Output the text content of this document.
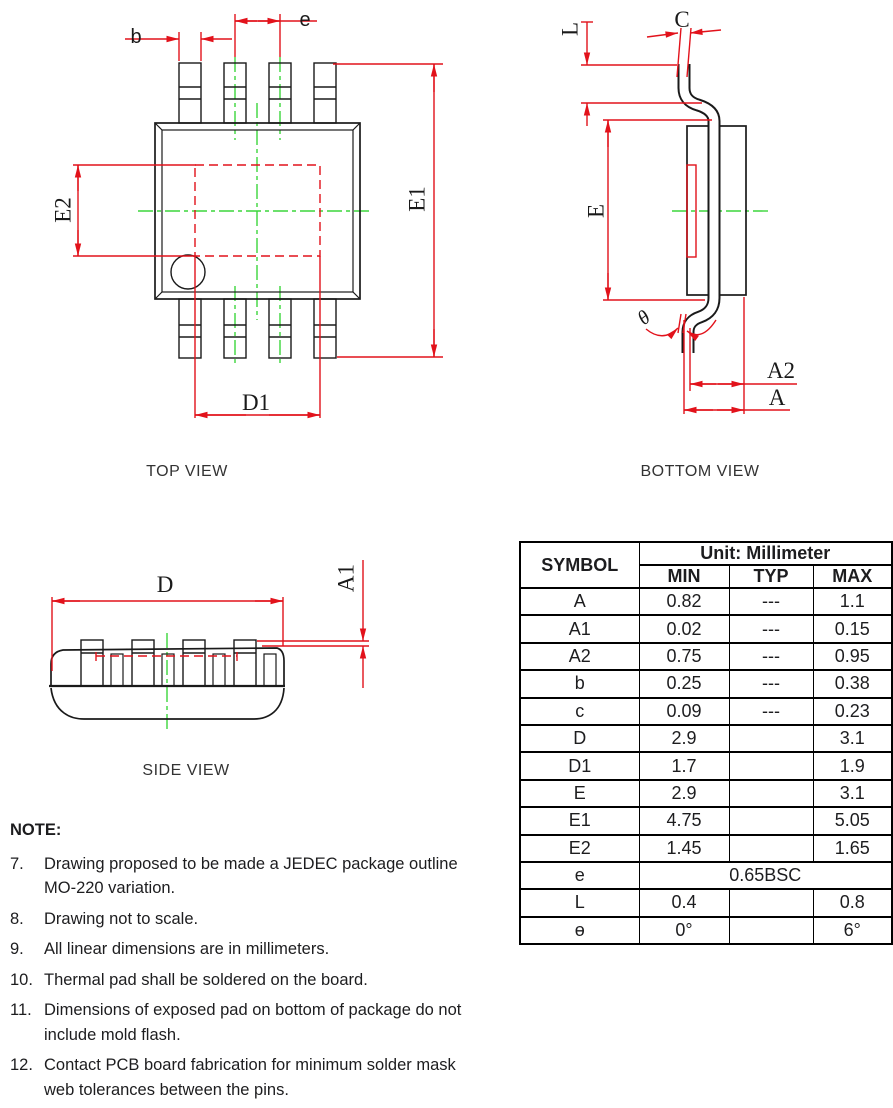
b
e
E2	E1
D1
C
L
E
θ
A2
A
D	A1
TOP VIEW	BOTTOM VIEW
SIDE VIEW
SYMBOL	Unit: Millimeter		
	MIN	TYP	MAX
A	0.82	---	1.1
A1	0.02	---	0.15
A2	0.75	---	0.95
b	0.25	---	0.38
c	0.09	---	0.23
D	2.9		3.1
D1	1.7		1.9
E	2.9		3.1
E1	4.75		5.05
E2	1.45		1.65
e	0.65BSC		
L	0.4		0.8
ɵ	0°		6°
NOTE:
7.	Drawing proposed to be made a JEDEC package outline MO-220 variation.
8.	Drawing not to scale.
9.	All linear dimensions are in millimeters.
10. Thermal pad shall be soldered on the board.
11. Dimensions of exposed pad on bottom of package do not include mold flash.
12. Contact PCB board fabrication for minimum solder mask web tolerances between the pins.
